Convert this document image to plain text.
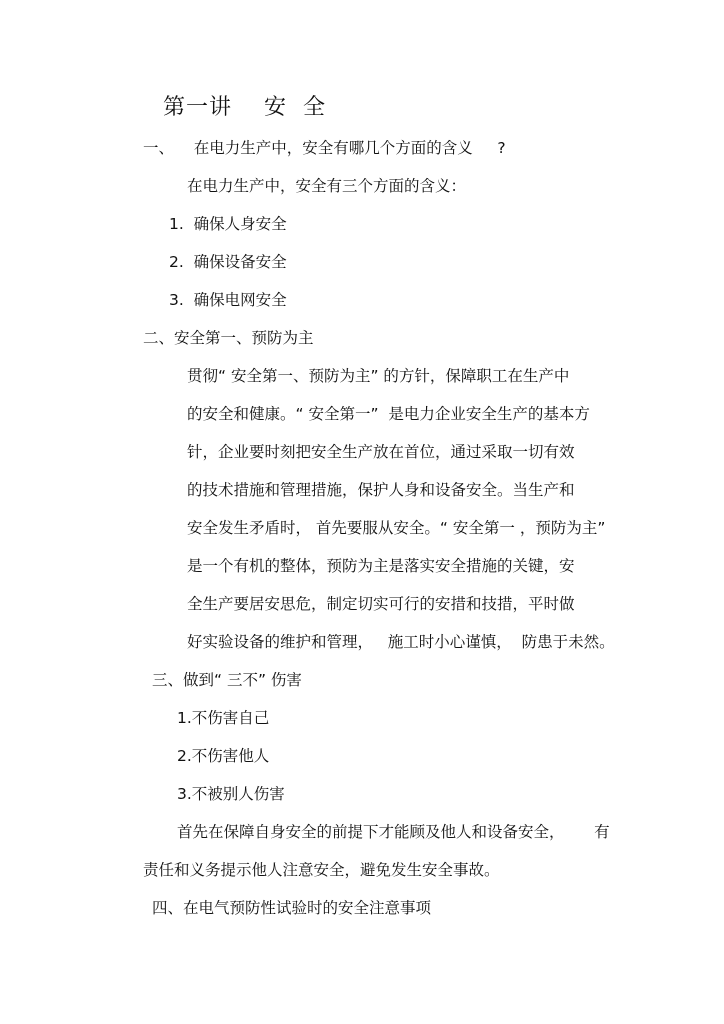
第一讲    安  全
一、    在电力生产中，安全有哪几个方面的含义     ?
在电力生产中，安全有三个方面的含义：
1.  确保人身安全
2.  确保设备安全
3.  确保电网安全
二、安全第一、预防为主
贯彻“ 安全第一、预防为主” 的方针，保障职工在生产中
的安全和健康。“ 安全第一”  是电力企业安全生产的基本方
针，企业要时刻把安全生产放在首位，通过采取一切有效
的技术措施和管理措施，保护人身和设备安全。当生产和
安全发生矛盾时， 首先要服从安全。“ 安全第一 ，预防为主”
是一个有机的整体，预防为主是落实安全措施的关键，安
全生产要居安思危，制定切实可行的安措和技措，平时做
好实验设备的维护和管理，   施工时小心谨慎，  防患于未然。
三、做到“ 三不” 伤害
1.不伤害自己
2.不伤害他人
3.不被别人伤害
首先在保障自身安全的前提下才能顾及他人和设备安全，      有
责任和义务提示他人注意安全，避免发生安全事故。
四、在电气预防性试验时的安全注意事项
